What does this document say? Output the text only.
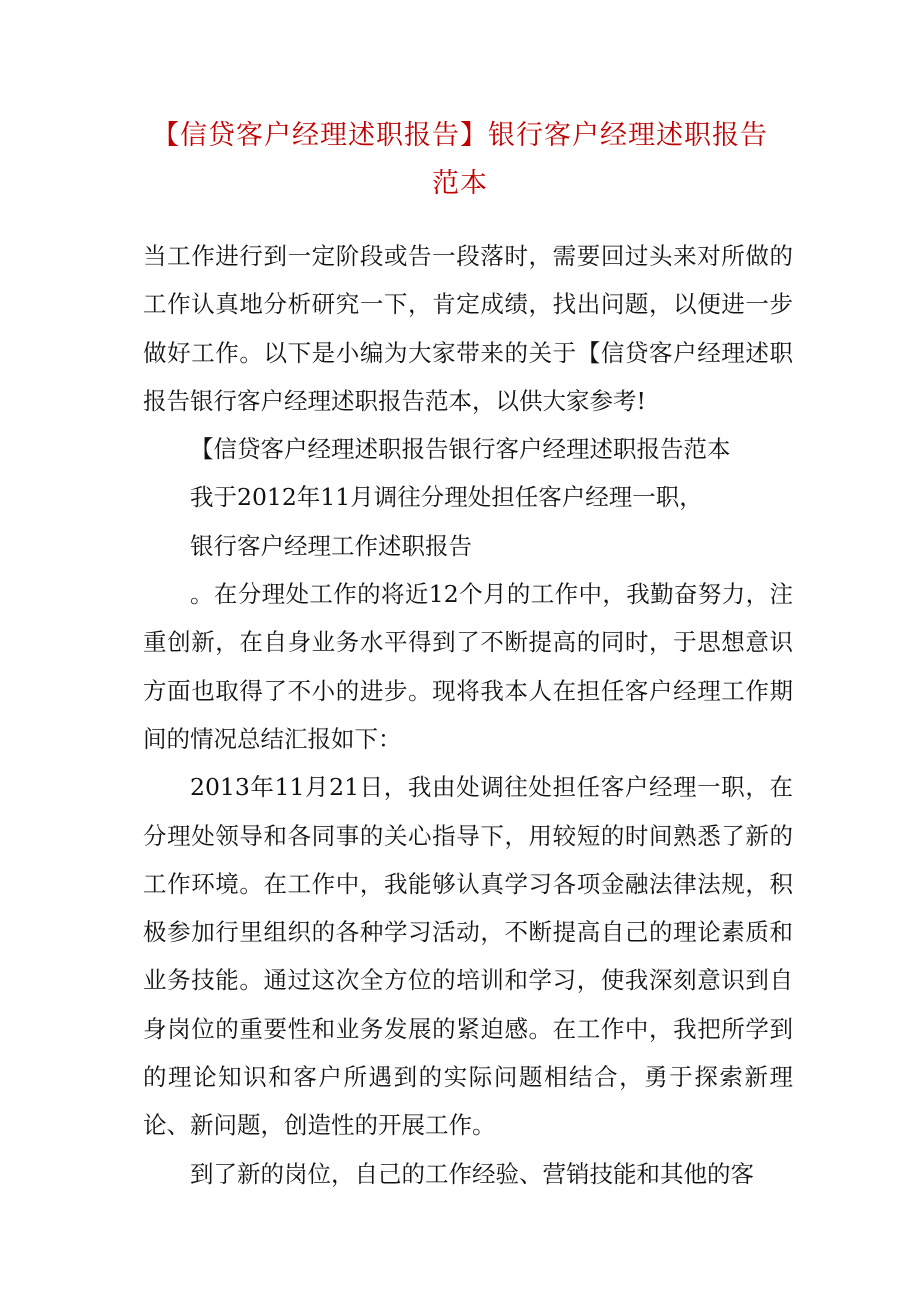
【信贷客户经理述职报告】银行客户经理述职报告范本

当工作进行到一定阶段或告一段落时，需要回过头来对所做的工作认真地分析研究一下，肯定成绩，找出问题，以便进一步做好工作。以下是小编为大家带来的关于【信贷客户经理述职报告银行客户经理述职报告范本，以供大家参考!

【信贷客户经理述职报告银行客户经理述职报告范本

我于2012年11月调往分理处担任客户经理一职，

银行客户经理工作述职报告

。在分理处工作的将近12个月的工作中，我勤奋努力，注重创新，在自身业务水平得到了不断提高的同时，于思想意识方面也取得了不小的进步。现将我本人在担任客户经理工作期间的情况总结汇报如下：

2013年11月21日，我由处调往处担任客户经理一职，在分理处领导和各同事的关心指导下，用较短的时间熟悉了新的工作环境。在工作中，我能够认真学习各项金融法律法规，积极参加行里组织的各种学习活动，不断提高自己的理论素质和业务技能。通过这次全方位的培训和学习，使我深刻意识到自身岗位的重要性和业务发展的紧迫感。在工作中，我把所学到的理论知识和客户所遇到的实际问题相结合，勇于探索新理论、新问题，创造性的开展工作。

到了新的岗位，自己的工作经验、营销技能和其他的客
